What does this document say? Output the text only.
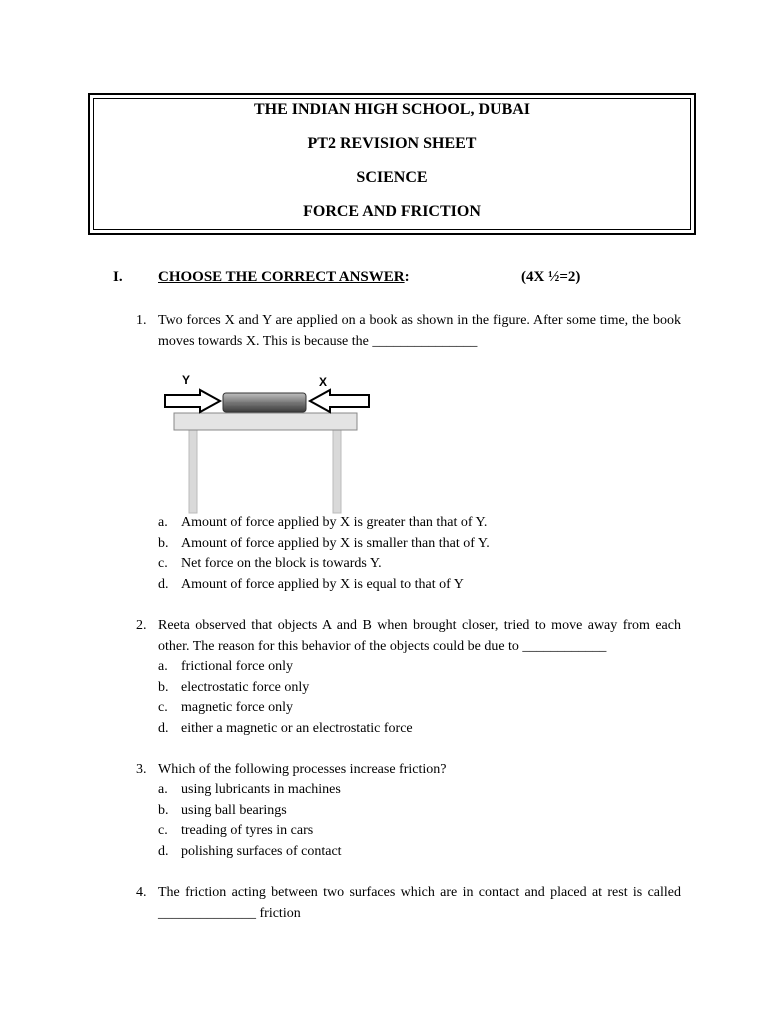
THE INDIAN HIGH SCHOOL, DUBAI
PT2 REVISION SHEET
SCIENCE
FORCE AND FRICTION
I. CHOOSE THE CORRECT ANSWER:	(4X ½=2)
1. Two forces X and Y are applied on a book as shown in the figure. After some time, the book moves towards X. This is because the _______________
Y	X
a. Amount of force applied by X is greater than that of Y.
b. Amount of force applied by X is smaller than that of Y.
c. Net force on the block is towards Y.
d. Amount of force applied by X is equal to that of Y
2. Reeta observed that objects A and B when brought closer, tried to move away from each other. The reason for this behavior of the objects could be due to ____________
a. frictional force only
b. electrostatic force only
c. magnetic force only
d. either a magnetic or an electrostatic force
3. Which of the following processes increase friction?
a. using lubricants in machines
b. using ball bearings
c. treading of tyres in cars
d. polishing surfaces of contact
4. The friction acting between two surfaces which are in contact and placed at rest is called ______________ friction
